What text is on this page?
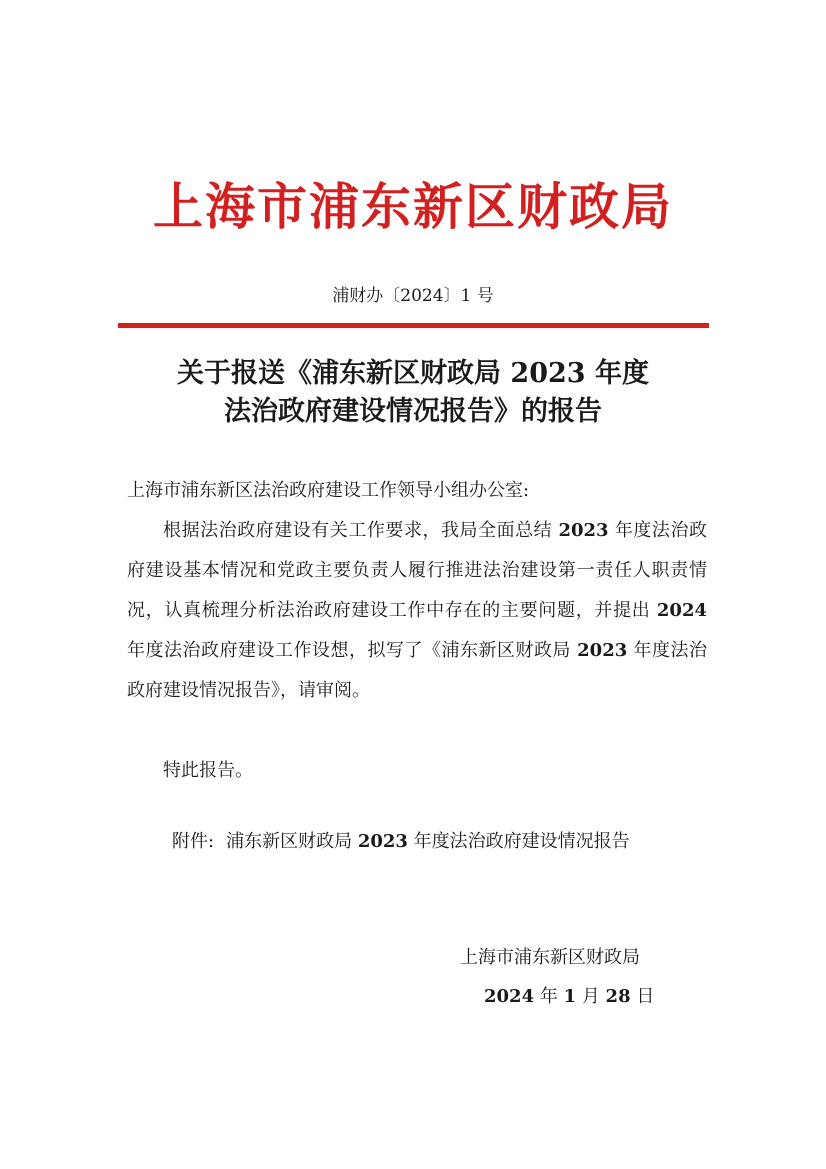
上海市浦东新区财政局
浦财办〔2024〕1 号
关于报送《浦东新区财政局 2023 年度
法治政府建设情况报告》的报告
上海市浦东新区法治政府建设工作领导小组办公室:
根据法治政府建设有关工作要求，我局全面总结 2023 年度法治政府建设基本情况和党政主要负责人履行推进法治建设第一责任人职责情况，认真梳理分析法治政府建设工作中存在的主要问题，并提出 2024 年度法治政府建设工作设想，拟写了《浦东新区财政局 2023 年度法治政府建设情况报告》，请审阅。
特此报告。
附件: 浦东新区财政局 2023 年度法治政府建设情况报告
上海市浦东新区财政局
2024 年 1 月 28 日
